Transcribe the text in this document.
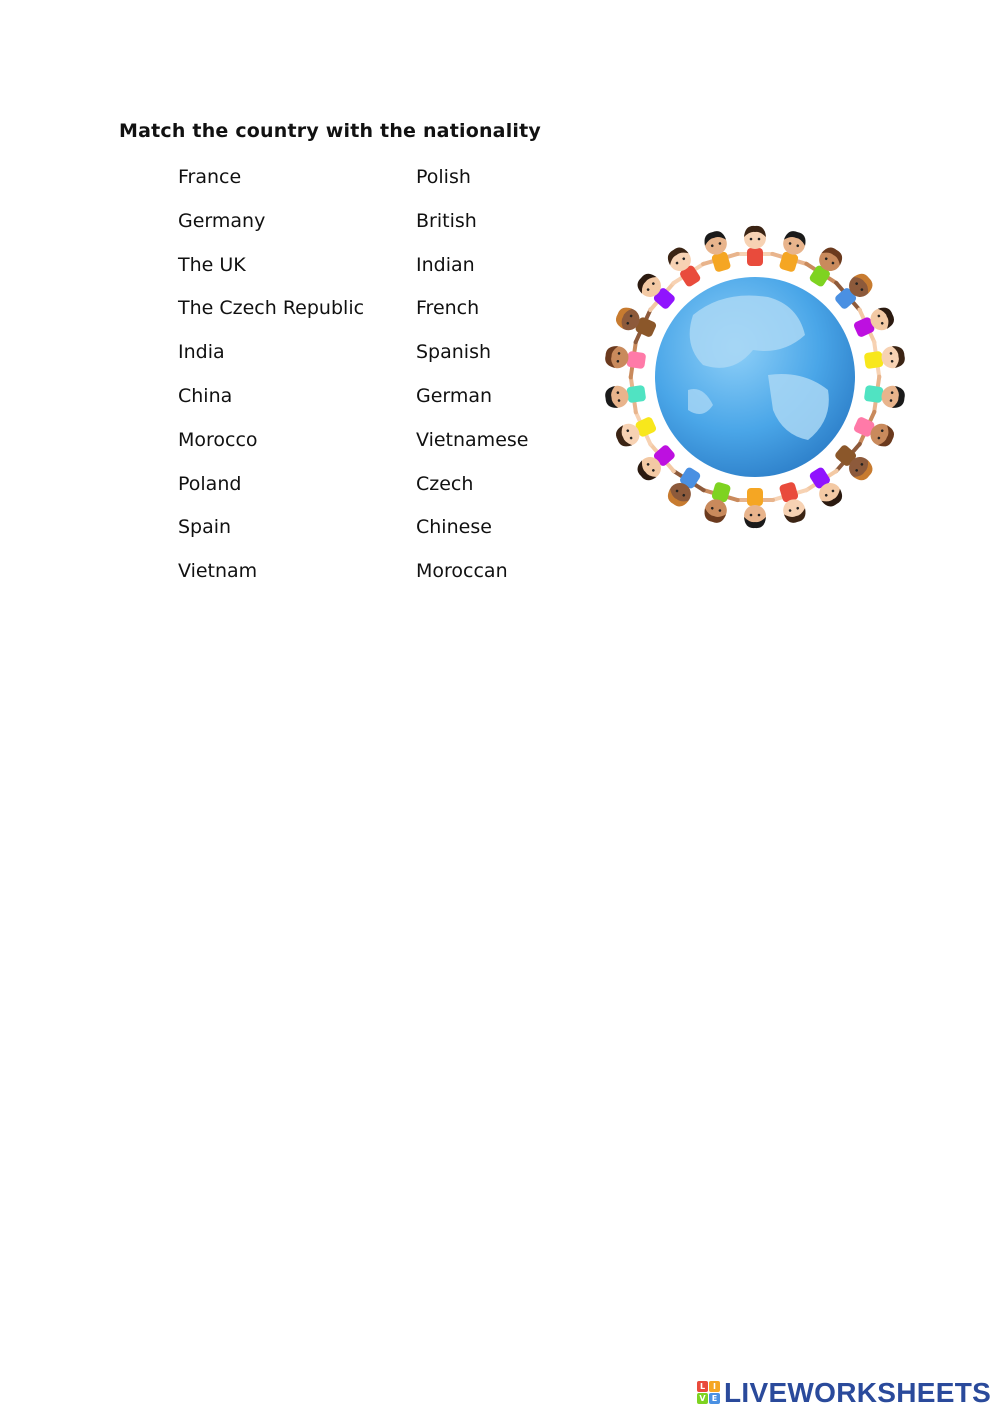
Match the country with the nationality
France
Germany
The UK
The Czech Republic
India
China
Morocco
Poland
Spain
Vietnam
Polish
British
Indian
French
Spanish
German
Vietnamese
Czech
Chinese
Moroccan
L I
V E LIVEWORKSHEETS
